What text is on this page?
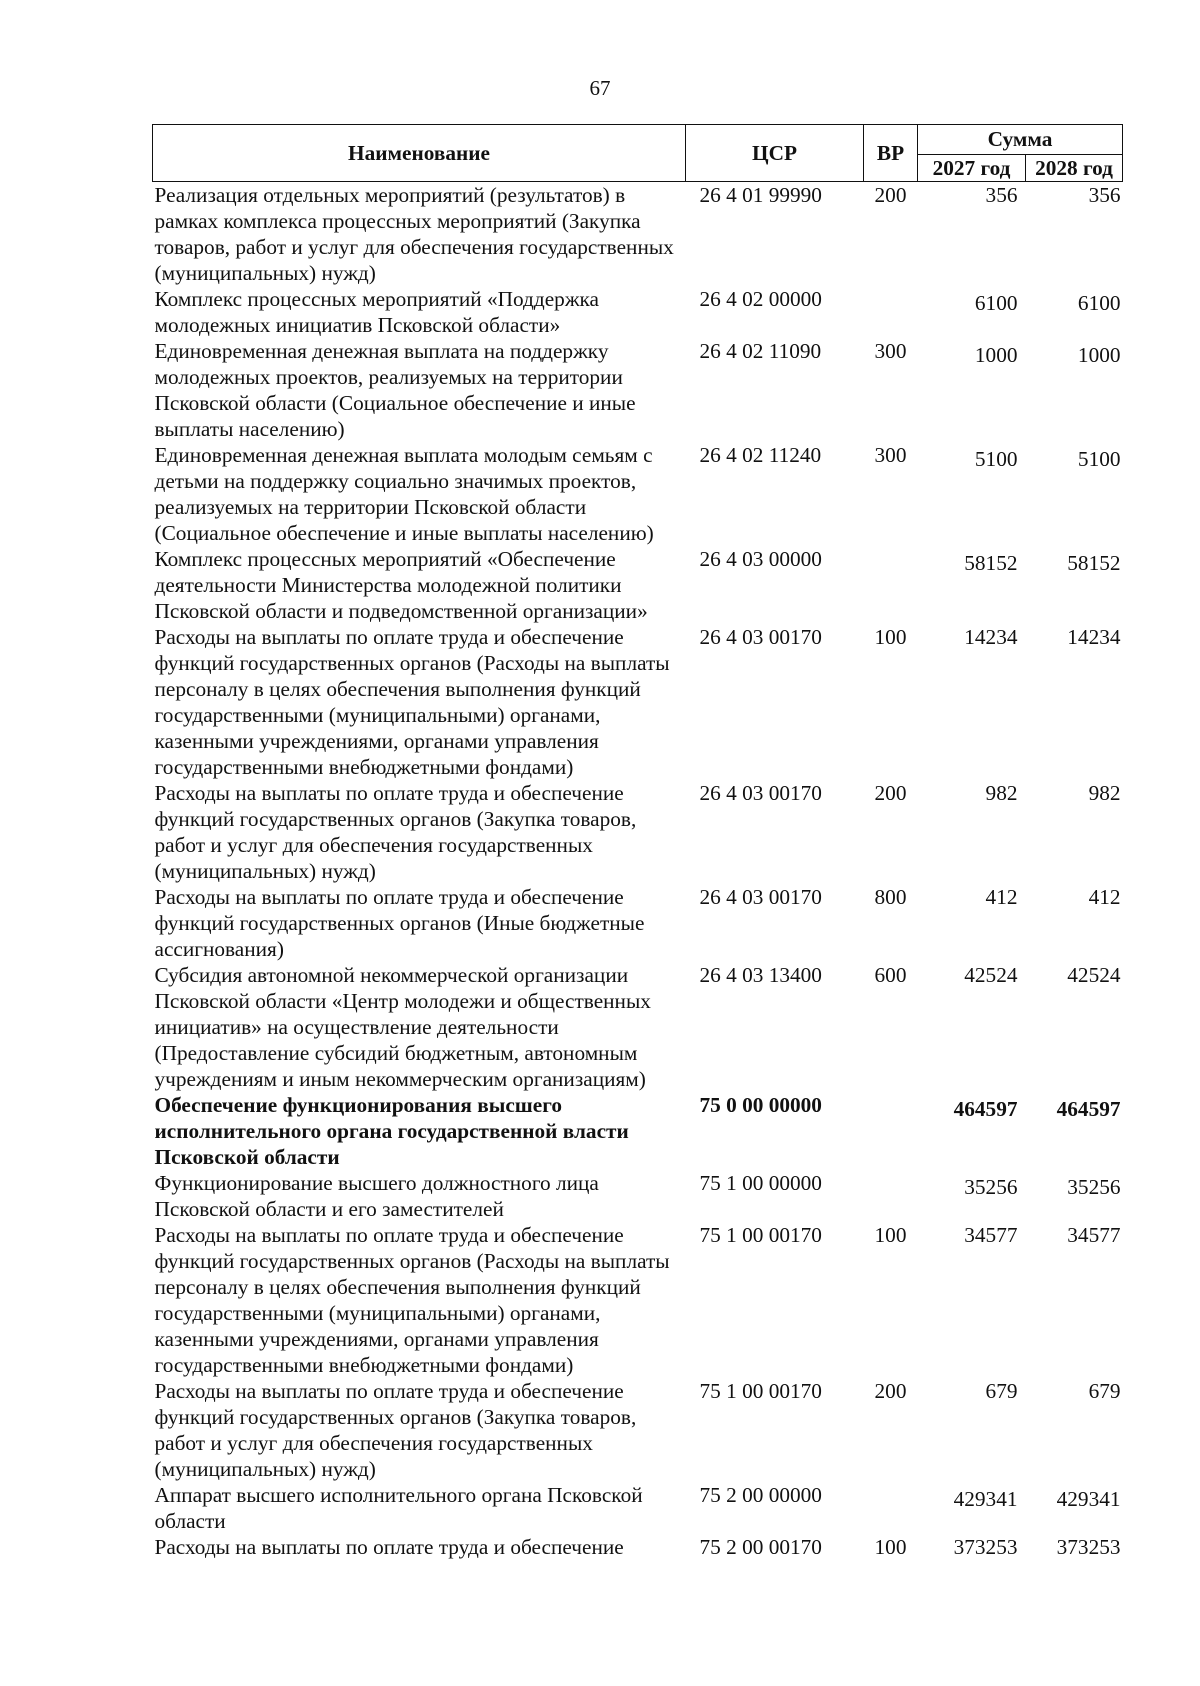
67
Наименование	ЦСР	ВР	Сумма	
			2027 год	2028 год
Реализация отдельных мероприятий (результатов) в рамках комплекса процессных мероприятий (Закупка товаров, работ и услуг для обеспечения государственных (муниципальных) нужд)	26 4 01 99990	200	356	356
Комплекс процессных мероприятий «Поддержка молодежных инициатив Псковской области»	26 4 02 00000		6100	6100
Единовременная денежная выплата на поддержку молодежных проектов, реализуемых на территории Псковской области (Социальное обеспечение и иные выплаты населению)	26 4 02 11090	300	1000	1000
Единовременная денежная выплата молодым семьям с детьми на поддержку социально значимых проектов, реализуемых на территории Псковской области (Социальное обеспечение и иные выплаты населению)	26 4 02 11240	300	5100	5100
Комплекс процессных мероприятий «Обеспечение деятельности Министерства молодежной политики Псковской области и подведомственной организации»	26 4 03 00000		58152	58152
Расходы на выплаты по оплате труда и обеспечение функций государственных органов (Расходы на выплаты персоналу в целях обеспечения выполнения функций государственными (муниципальными) органами, казенными учреждениями, органами управления государственными внебюджетными фондами)	26 4 03 00170	100	14234	14234
Расходы на выплаты по оплате труда и обеспечение функций государственных органов (Закупка товаров, работ и услуг для обеспечения государственных (муниципальных) нужд)	26 4 03 00170	200	982	982
Расходы на выплаты по оплате труда и обеспечение функций государственных органов (Иные бюджетные ассигнования)	26 4 03 00170	800	412	412
Субсидия автономной некоммерческой организации Псковской области «Центр молодежи и общественных инициатив» на осуществление деятельности (Предоставление субсидий бюджетным, автономным учреждениям и иным некоммерческим организациям)	26 4 03 13400	600	42524	42524
Обеспечение функционирования высшего исполнительного органа государственной власти Псковской области	75 0 00 00000		464597	464597
Функционирование высшего должностного лица Псковской области и его заместителей	75 1 00 00000		35256	35256
Расходы на выплаты по оплате труда и обеспечение функций государственных органов (Расходы на выплаты персоналу в целях обеспечения выполнения функций государственными (муниципальными) органами, казенными учреждениями, органами управления государственными внебюджетными фондами)	75 1 00 00170	100	34577	34577
Расходы на выплаты по оплате труда и обеспечение функций государственных органов (Закупка товаров, работ и услуг для обеспечения государственных (муниципальных) нужд)	75 1 00 00170	200	679	679
Аппарат высшего исполнительного органа Псковской области	75 2 00 00000		429341	429341
Расходы на выплаты по оплате труда и обеспечение	75 2 00 00170	100	373253	373253
